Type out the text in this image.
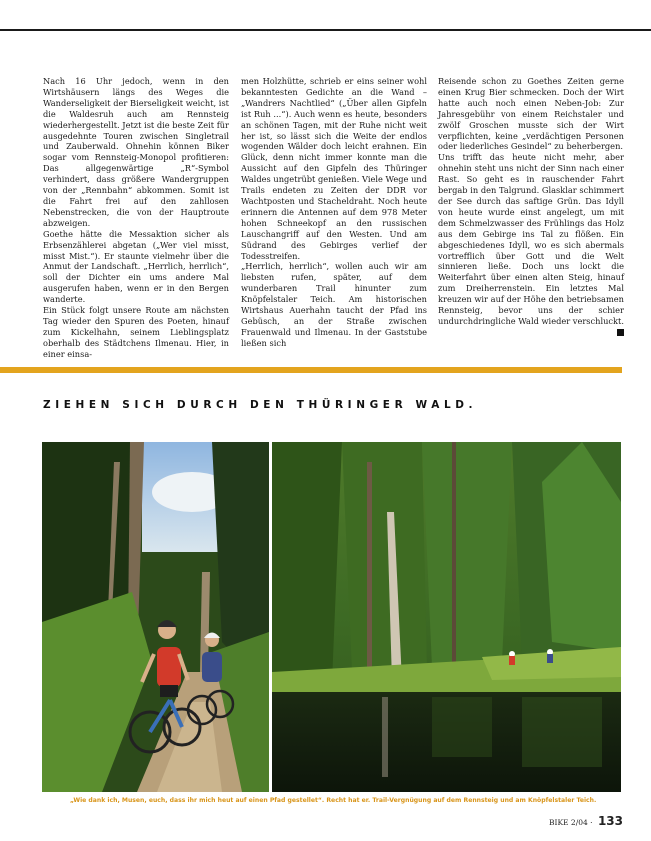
Nach 16 Uhr jedoch, wenn in den Wirtshäusern längs des Weges die Wanderseligkeit der Bierseligkeit weicht, ist die Waldesruh auch am Rennsteig wiederhergestellt. Jetzt ist die beste Zeit für ausgedehnte Touren zwischen Singletrail und Zauberwald. Ohnehin können Biker sogar vom Rennsteig-Monopol profitieren: Das allgegenwärtige „R“-Symbol verhindert, dass größere Wandergruppen von der „Rennbahn“ abkommen. Somit ist die Fahrt frei auf den zahllosen Nebenstrecken, die von der Hauptroute abzweigen.

Goethe hätte die Messaktion sicher als Erbsenzählerei abgetan („Wer viel misst, misst Mist.“). Er staunte vielmehr über die Anmut der Landschaft. „Herrlich, herrlich“, soll der Dichter ein ums andere Mal ausgerufen haben, wenn er in den Bergen wanderte.

Ein Stück folgt unsere Route am nächsten Tag wieder den Spuren des Poeten, hinauf zum Kickelhahn, seinem Lieblingsplatz oberhalb des Städtchens Ilmenau. Hier, in einer einsa-

men Holzhütte, schrieb er eins seiner wohl bekanntesten Gedichte an die Wand – „Wandrers Nachtlied“ („Über allen Gipfeln ist Ruh ...“). Auch wenn es heute, besonders an schönen Tagen, mit der Ruhe nicht weit her ist, so lässt sich die Weite der endlos wogenden Wälder doch leicht erahnen. Ein Glück, denn nicht immer konnte man die Aussicht auf den Gipfeln des Thüringer Waldes ungetrübt genießen. Viele Wege und Trails endeten zu Zeiten der DDR vor Wachtposten und Stacheldraht. Noch heute erinnern die Antennen auf dem 978 Meter hohen Schneekopf an den russischen Lauschangriff auf den Westen. Und am Südrand des Gebirges verlief der Todesstreifen.

„Herrlich, herrlich“, wollen auch wir am liebsten rufen, später, auf dem wunderbaren Trail hinunter zum Knöpfelstaler Teich. Am historischen Wirtshaus Auerhahn taucht der Pfad ins Gebüsch, an der Straße zwischen Frauenwald und Ilmenau. In der Gaststube ließen sich

Reisende schon zu Goethes Zeiten gerne einen Krug Bier schmecken. Doch der Wirt hatte auch noch einen Neben-Job: Zur Jahresgebühr von einem Reichstaler und zwölf Groschen musste sich der Wirt verpflichten, keine „verdächtigen Personen oder liederliches Gesindel“ zu beherbergen.

Uns trifft das heute nicht mehr, aber ohnehin steht uns nicht der Sinn nach einer Rast. So geht es in rauschender Fahrt bergab in den Talgrund. Glasklar schimmert der See durch das saftige Grün. Das Idyll von heute wurde einst angelegt, um mit dem Schmelzwasser des Frühlings das Holz aus dem Gebirge ins Tal zu flößen. Ein abgeschiedenes Idyll, wo es sich abermals vortrefflich über Gott und die Welt sinnieren ließe. Doch uns lockt die Weiterfahrt über einen alten Steig, hinauf zum Dreiherrenstein. Ein letztes Mal kreuzen wir auf der Höhe den betriebsamen Rennsteig, bevor uns der schier undurchdringliche Wald wieder verschluckt.

ZIEHEN SICH DURCH DEN THÜRINGER WALD.
„Wie dank ich, Musen, euch, dass ihr mich heut auf einen Pfad gestellet“. Recht hat er. Trail-Vergnügung auf dem Rennsteig und am Knöpfelstaler Teich.
BIKE 2/04 · 133
